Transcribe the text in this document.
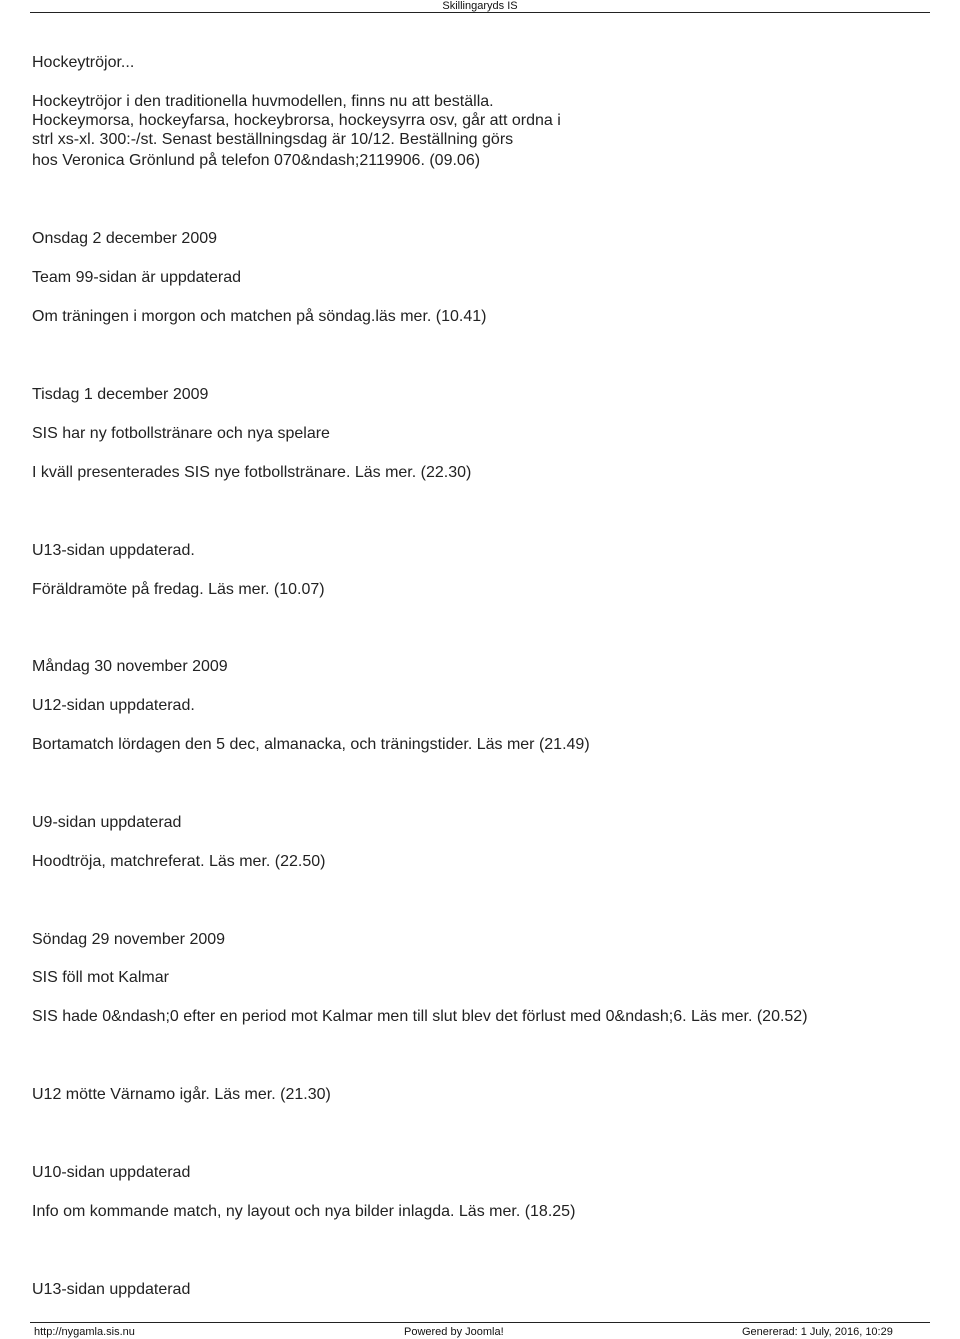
Skillingaryds IS
Hockeytröjor...
Hockeytröjor i den traditionella huvmodellen, finns nu att beställa.
Hockeymorsa, hockeyfarsa, hockeybrorsa, hockeysyrra osv, går att ordna i
strl xs-xl. 300:-/st. Senast beställningsdag är 10/12. Beställning görs
hos Veronica Grönlund på telefon 070&ndash;2119906. (09.06)
Onsdag 2 december 2009
Team 99-sidan är uppdaterad
Om träningen i morgon och matchen på söndag.läs mer. (10.41)
Tisdag 1 december 2009
SIS har ny fotbollstränare och nya spelare
I kväll presenterades SIS nye fotbollstränare. Läs mer. (22.30)
U13-sidan uppdaterad.
Föräldramöte på fredag. Läs mer. (10.07)
Måndag 30 november 2009
U12-sidan uppdaterad.
Bortamatch lördagen den 5 dec, almanacka, och träningstider. Läs mer (21.49)
U9-sidan uppdaterad
Hoodtröja, matchreferat. Läs mer. (22.50)
Söndag 29 november 2009
SIS föll mot Kalmar
SIS hade 0&ndash;0 efter en period mot Kalmar men till slut blev det förlust med 0&ndash;6. Läs mer. (20.52)
U12 mötte Värnamo igår. Läs mer. (21.30)
U10-sidan uppdaterad
Info om kommande match, ny layout och nya bilder inlagda. Läs mer. (18.25)
U13-sidan uppdaterad
http://nygamla.sis.nu	Powered by Joomla!	Genererad: 1 July, 2016, 10:29
